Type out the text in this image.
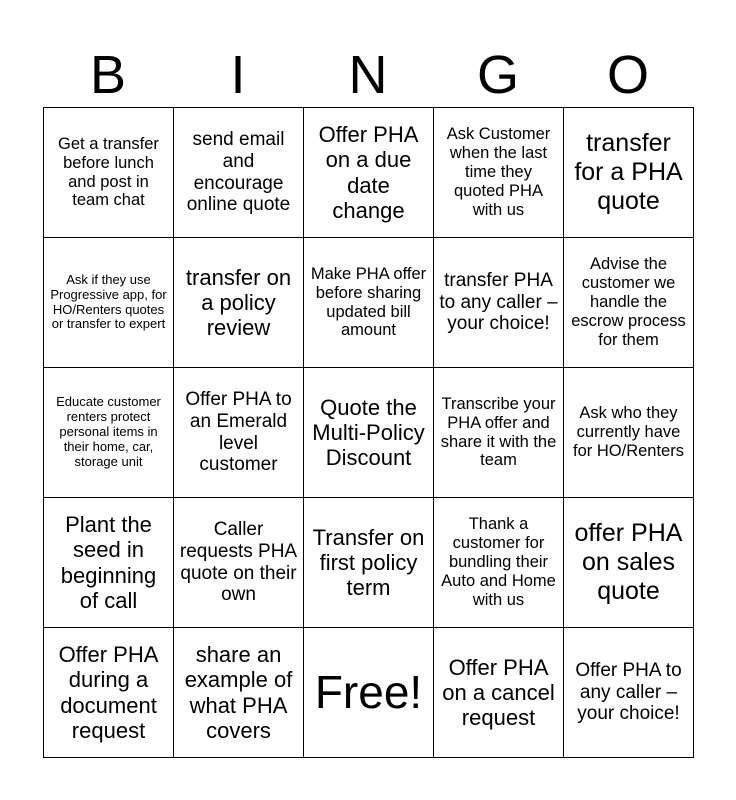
B	I	N	G	O
Get a transfer before lunch and post in team chat	send email and encourage online quote	Offer PHA on a due date change	Ask Customer when the last time they quoted PHA with us	transfer for a PHA quote
Ask if they use Progressive app, for HO/Renters quotes or transfer to expert	transfer on a policy review	Make PHA offer before sharing updated bill amount	transfer PHA to any caller – your choice!	Advise the customer we handle the escrow process for them
Educate customer renters protect personal items in their home, car, storage unit	Offer PHA to an Emerald level customer	Quote the Multi-Policy Discount	Transcribe your PHA offer and share it with the team	Ask who they currently have for HO/Renters
Plant the seed in beginning of call	Caller requests PHA quote on their own	Transfer on first policy term	Thank a customer for bundling their Auto and Home with us	offer PHA on sales quote
Offer PHA during a document request	share an example of what PHA covers	Free!	Offer PHA on a cancel request	Offer PHA to any caller – your choice!
